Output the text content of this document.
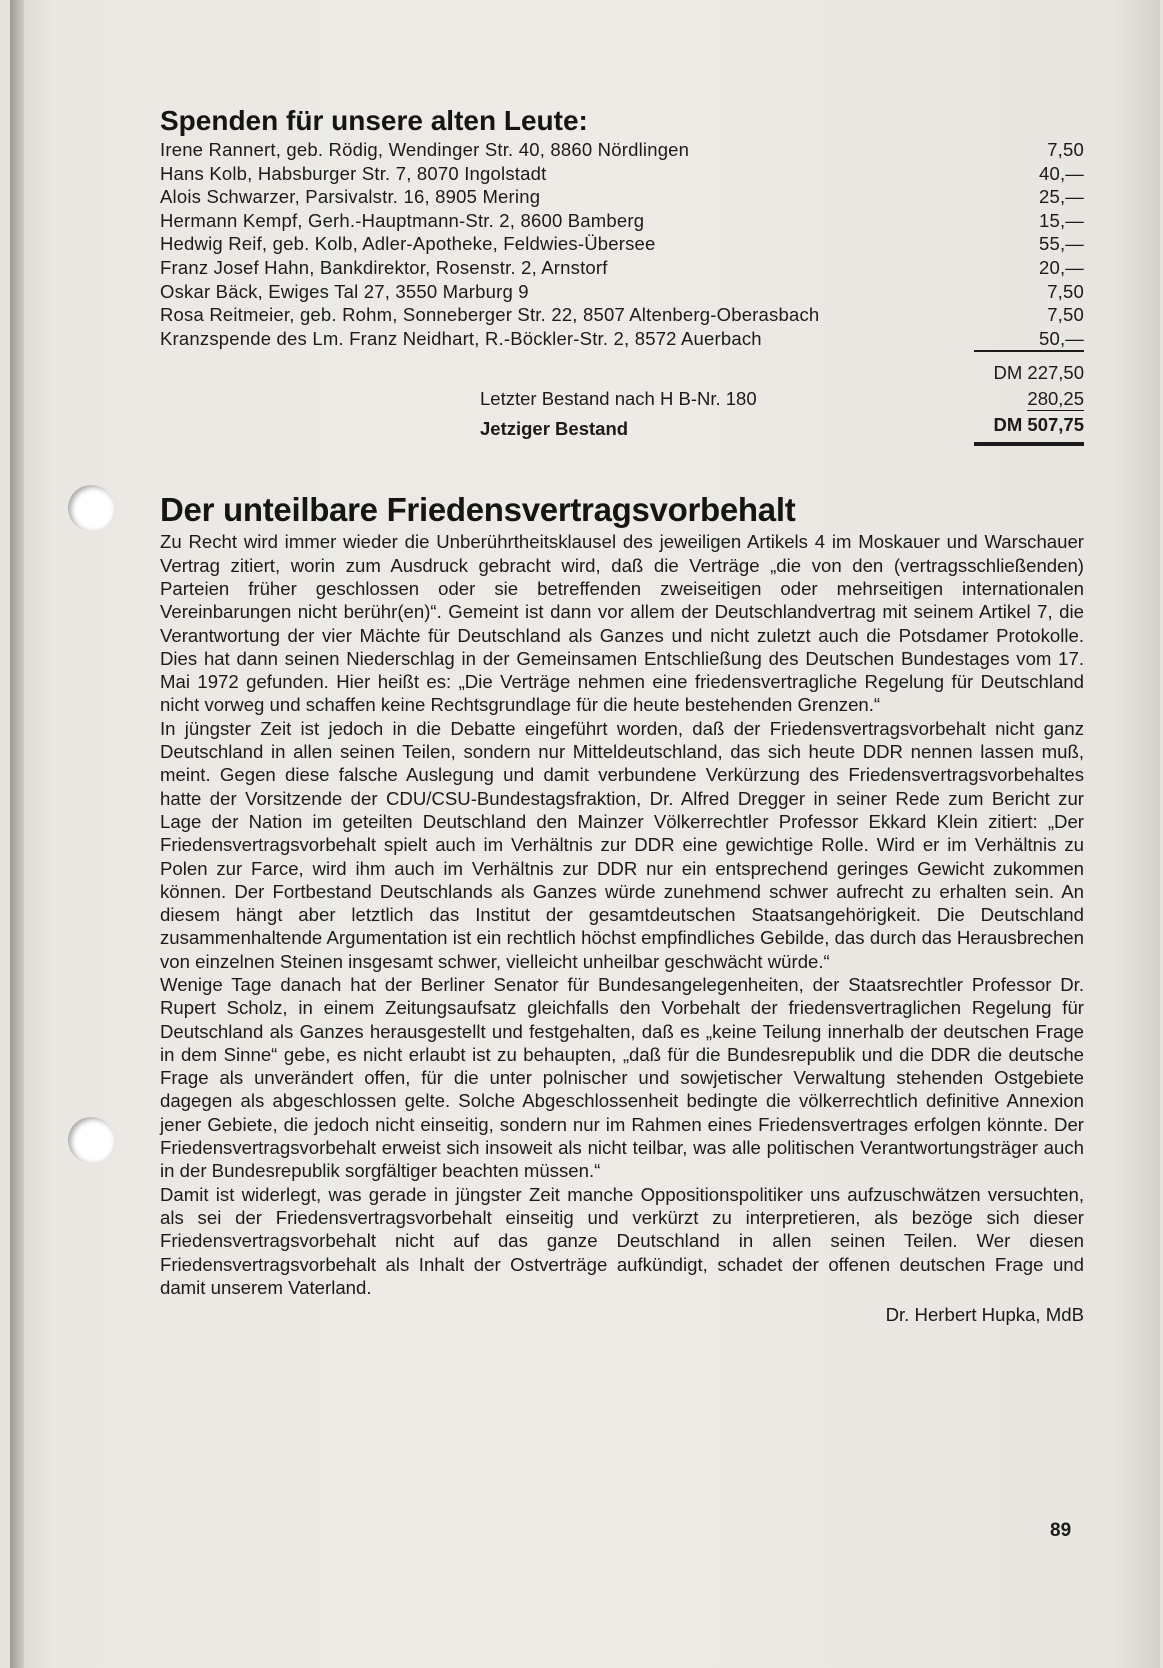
Spenden für unsere alten Leute:
Irene Rannert, geb. Rödig, Wendinger Str. 40, 8860 Nördlingen	7,50
Hans Kolb, Habsburger Str. 7, 8070 Ingolstadt	40,—
Alois Schwarzer, Parsivalstr. 16, 8905 Mering	25,—
Hermann Kempf, Gerh.-Hauptmann-Str. 2, 8600 Bamberg	15,—
Hedwig Reif, geb. Kolb, Adler-Apotheke, Feldwies-Übersee	55,—
Franz Josef Hahn, Bankdirektor, Rosenstr. 2, Arnstorf	20,—
Oskar Bäck, Ewiges Tal 27, 3550 Marburg 9	7,50
Rosa Reitmeier, geb. Rohm, Sonneberger Str. 22, 8507 Altenberg-Oberasbach	7,50
Kranzspende des Lm. Franz Neidhart, R.-Böckler-Str. 2, 8572 Auerbach	50,—
DM 227,50
Letzter Bestand nach H B-Nr. 180	280,25
Jetziger Bestand	DM 507,75
Der unteilbare Friedensvertragsvorbehalt

Zu Recht wird immer wieder die Unberührtheitsklausel des jeweiligen Artikels 4 im Moskauer und Warschauer Vertrag zitiert, worin zum Ausdruck gebracht wird, daß die Verträge „die von den (vertragsschließenden) Parteien früher geschlossen oder sie betreffenden zweiseitigen oder mehrseitigen internationalen Vereinbarungen nicht berühr(en)“. Gemeint ist dann vor allem der Deutschlandvertrag mit seinem Artikel 7, die Verantwortung der vier Mächte für Deutschland als Ganzes und nicht zuletzt auch die Potsdamer Protokolle. Dies hat dann seinen Niederschlag in der Gemeinsamen Entschließung des Deutschen Bundestages vom 17. Mai 1972 gefunden. Hier heißt es: „Die Verträge nehmen eine friedensvertragliche Regelung für Deutschland nicht vorweg und schaffen keine Rechtsgrundlage für die heute bestehenden Grenzen.“

In jüngster Zeit ist jedoch in die Debatte eingeführt worden, daß der Friedensvertragsvorbehalt nicht ganz Deutschland in allen seinen Teilen, sondern nur Mitteldeutschland, das sich heute DDR nennen lassen muß, meint. Gegen diese falsche Auslegung und damit verbundene Verkürzung des Friedensvertragsvorbehaltes hatte der Vorsitzende der CDU/CSU-Bundestagsfraktion, Dr. Alfred Dregger in seiner Rede zum Bericht zur Lage der Nation im geteilten Deutschland den Mainzer Völkerrechtler Professor Ekkard Klein zitiert: „Der Friedensvertragsvorbehalt spielt auch im Verhältnis zur DDR eine gewichtige Rolle. Wird er im Verhältnis zu Polen zur Farce, wird ihm auch im Verhältnis zur DDR nur ein entsprechend geringes Gewicht zukommen können. Der Fortbestand Deutschlands als Ganzes würde zunehmend schwer aufrecht zu erhalten sein. An diesem hängt aber letztlich das Institut der gesamtdeutschen Staatsangehörigkeit. Die Deutschland zusammenhaltende Argumentation ist ein rechtlich höchst empfindliches Gebilde, das durch das Herausbrechen von einzelnen Steinen insgesamt schwer, vielleicht unheilbar geschwächt würde.“

Wenige Tage danach hat der Berliner Senator für Bundesangelegenheiten, der Staatsrechtler Professor Dr. Rupert Scholz, in einem Zeitungsaufsatz gleichfalls den Vorbehalt der friedensvertraglichen Regelung für Deutschland als Ganzes herausgestellt und festgehalten, daß es „keine Teilung innerhalb der deutschen Frage in dem Sinne“ gebe, es nicht erlaubt ist zu behaupten, „daß für die Bundesrepublik und die DDR die deutsche Frage als unverändert offen, für die unter polnischer und sowjetischer Verwaltung stehenden Ostgebiete dagegen als abgeschlossen gelte. Solche Abgeschlossenheit bedingte die völkerrechtlich definitive Annexion jener Gebiete, die jedoch nicht einseitig, sondern nur im Rahmen eines Friedensvertrages erfolgen könnte. Der Friedensvertragsvorbehalt erweist sich insoweit als nicht teilbar, was alle politischen Verantwortungsträger auch in der Bundesrepublik sorgfältiger beachten müssen.“

Damit ist widerlegt, was gerade in jüngster Zeit manche Oppositionspolitiker uns aufzuschwätzen versuchten, als sei der Friedensvertragsvorbehalt einseitig und verkürzt zu interpretieren, als bezöge sich dieser Friedensvertragsvorbehalt nicht auf das ganze Deutschland in allen seinen Teilen. Wer diesen Friedensvertragsvorbehalt als Inhalt der Ostverträge aufkündigt, schadet der offenen deutschen Frage und damit unserem Vaterland.

Dr. Herbert Hupka, MdB
89
